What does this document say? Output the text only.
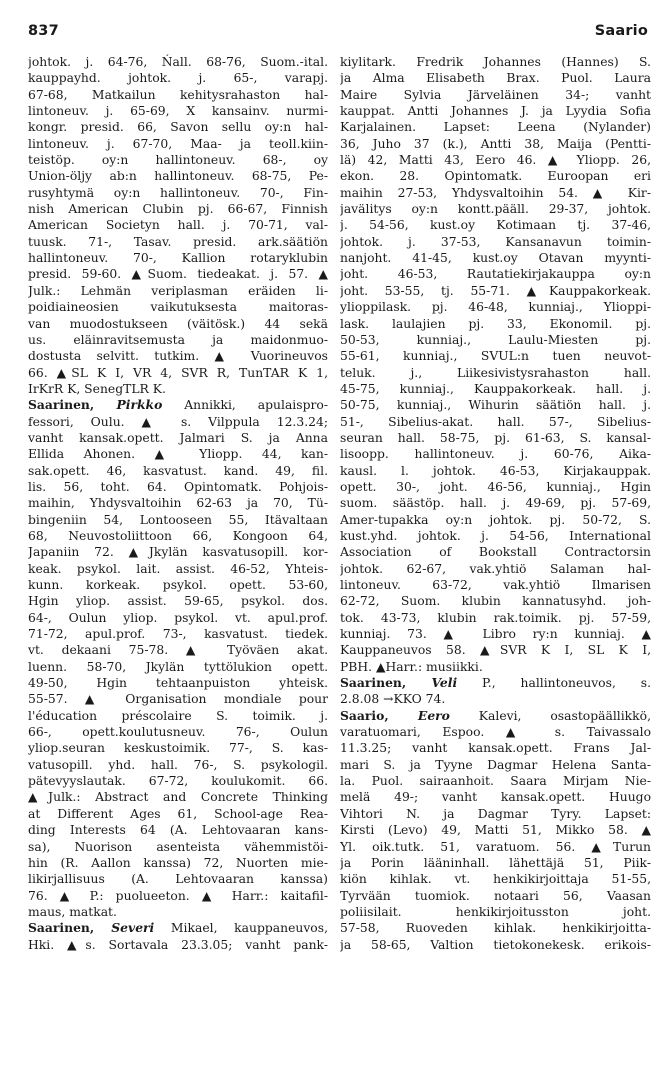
837	Saario
johtok. j. 64-76, Ńall. 68-76, Suom.-ital.
kauppayhd. johtok. j. 65-, varapj.
67-68, Matkailun kehitysrahaston hal-
lintoneuv. j. 65-69, X kansainv. nurmi-
kongr. presid. 66, Savon sellu oy:n hal-
lintoneuv. j. 67-70, Maa- ja teoll.kiin-
teistöp. oy:n hallintoneuv. 68-, oy
Union-öljy ab:n hallintoneuv. 68-75, Pe-
rusyhtymä oy:n hallintoneuv. 70-, Fin-
nish American Clubin pj. 66-67, Finnish
American Societyn hall. j. 70-71, val-
tuusk. 71-, Tasav. presid. ark.säätiön
hallintoneuv. 70-, Kallion rotaryklubin
presid. 59-60. ▲Suom. tiedeakat. j. 57. ▲
Julk.: Lehmän veriplasman eräiden li-
poidiaineosien vaikutuksesta maitoras-
van muodostukseen (väitösk.) 44 sekä
us. eläinravitsemusta ja maidonmuo-
dostusta selvitt. tutkim. ▲ Vuorineuvos
66. ▲SL K I, VR 4, SVR R, TunTAR K 1,
IrKrR K, SenegTLR K.
Saarinen, Pirkko Annikki, apulaispro-
fessori, Oulu. ▲ s. Vilppula 12.3.24;
vanht kansak.opett. Jalmari S. ja Anna
Ellida Ahonen. ▲ Yliopp. 44, kan-
sak.opett. 46, kasvatust. kand. 49, fil.
lis. 56, toht. 64. Opintomatk. Pohjois-
maihin, Yhdysvaltoihin 62-63 ja 70, Tü-
bingeniin 54, Lontooseen 55, Itävaltaan
68, Neuvostoliittoon 66, Kongoon 64,
Japaniin 72. ▲Jkylän kasvatusopill. kor-
keak. psykol. lait. assist. 46-52, Yhteis-
kunn. korkeak. psykol. opett. 53-60,
Hgin yliop. assist. 59-65, psykol. dos.
64-, Oulun yliop. psykol. vt. apul.prof.
71-72, apul.prof. 73-, kasvatust. tiedek.
vt. dekaani 75-78. ▲ Työväen akat.
luenn. 58-70, Jkylän tyttölukion opett.
49-50, Hgin tehtaanpuiston yhteisk.
55-57. ▲ Organisation mondiale pour
l'éducation préscolaire S. toimik. j.
66-, opett.koulutusneuv. 76-, Oulun
yliop.seuran keskustoimik. 77-, S. kas-
vatusopill. yhd. hall. 76-, S. psykologil.
pätevyyslautak. 67-72, koulukomit. 66.
▲Julk.: Abstract and Concrete Thinking
at Different Ages 61, School-age Rea-
ding Interests 64 (A. Lehtovaaran kans-
sa), Nuorison asenteista vähemmistöi-
hin (R. Aallon kanssa) 72, Nuorten mie-
likirjallisuus (A. Lehtovaaran kanssa)
76. ▲ P.: puolueeton. ▲ Harr.: kaitafil-
maus, matkat.
Saarinen, Severi Mikael, kauppaneuvos,
Hki. ▲s. Sortavala 23.3.05; vanht pank-
kiylitark. Fredrik Johannes (Hannes) S.
ja Alma Elisabeth Brax. Puol. Laura
Maire Sylvia Järveläinen 34-; vanht
kauppat. Antti Johannes J. ja Lyydia Sofia
Karjalainen. Lapset: Leena (Nylander)
36, Juho 37 (k.), Antti 38, Maija (Pentti-
lä) 42, Matti 43, Eero 46. ▲ Yliopp. 26,
ekon. 28. Opintomatk. Euroopan eri
maihin 27-53, Yhdysvaltoihin 54. ▲ Kir-
javälitys oy:n kontt.pääll. 29-37, johtok.
j. 54-56, kust.oy Kotimaan tj. 37-46,
johtok. j. 37-53, Kansanavun toimin-
nanjoht. 41-45, kust.oy Otavan myynti-
joht. 46-53, Rautatiekirjakauppa oy:n
joht. 53-55, tj. 55-71. ▲Kauppakorkeak.
ylioppilask. pj. 46-48, kunniaj., Ylioppi-
lask. laulajien pj. 33, Ekonomil. pj.
50-53, kunniaj., Laulu-Miesten pj.
55-61, kunniaj., SVUL:n tuen neuvot-
teluk. j., Liikesivistysrahaston hall.
45-75, kunniaj., Kauppakorkeak. hall. j.
50-75, kunniaj., Wihurin säätiön hall. j.
51-, Sibelius-akat. hall. 57-, Sibelius-
seuran hall. 58-75, pj. 61-63, S. kansal-
lisoopp. hallintoneuv. j. 60-76, Aika-
kausl. l. johtok. 46-53, Kirjakauppak.
opett. 30-, joht. 46-56, kunniaj., Hgin
suom. säästöp. hall. j. 49-69, pj. 57-69,
Amer-tupakka oy:n johtok. pj. 50-72, S.
kust.yhd. johtok. j. 54-56, International
Association of Bookstall Contractorsin
johtok. 62-67, vak.yhtiö Salaman hal-
lintoneuv. 63-72, vak.yhtiö Ilmarisen
62-72, Suom. klubin kannatusyhd. joh-
tok. 43-73, klubin rak.toimik. pj. 57-59,
kunniaj. 73. ▲ Libro ry:n kunniaj. ▲
Kauppaneuvos 58. ▲SVR K I, SL K I,
PBH. ▲Harr.: musiikki.
Saarinen, Veli P., hallintoneuvos, s.
2.8.08 →KKO 74.
Saario, Eero Kalevi, osastopäällikkö,
varatuomari, Espoo. ▲ s. Taivassalo
11.3.25; vanht kansak.opett. Frans Jal-
mari S. ja Tyyne Dagmar Helena Santa-
la. Puol. sairaanhoit. Saara Mirjam Nie-
melä 49-; vanht kansak.opett. Huugo
Vihtori N. ja Dagmar Tyry. Lapset:
Kirsti (Levo) 49, Matti 51, Mikko 58. ▲
Yl. oik.tutk. 51, varatuom. 56. ▲Turun
ja Porin lääninhall. lähettäjä 51, Piik-
kiön kihlak. vt. henkikirjoittaja 51-55,
Tyrvään tuomiok. notaari 56, Vaasan
poliisilait. henkikirjoitusston joht.
57-58, Ruoveden kihlak. henkikirjoitta-
ja 58-65, Valtion tietokonekesk. erikois-
